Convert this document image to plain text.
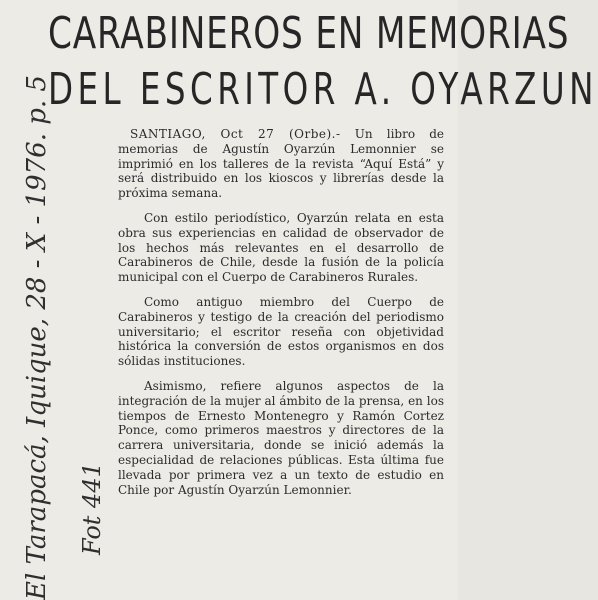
CARABINEROS EN MEMORIAS
DEL ESCRITOR A. OYARZUN
El Tarapacá, Iquique, 28 - X - 1976. p. 5	Fot 441

SANTIAGO, Oct 27 (Orbe).- Un libro de memorias de Agustín Oyarzún Lemonnier se imprimió en los talleres de la revista “Aquí Está” y será distribuido en los kioscos y librerías desde la próxima semana.

Con estilo periodístico, Oyarzún relata en esta obra sus experiencias en calidad de observador de los hechos más relevantes en el desarrollo de Carabineros de Chile, desde la fusión de la policía municipal con el Cuerpo de Carabineros Rurales.

Como antiguo miembro del Cuerpo de Carabineros y testigo de la creación del periodismo universitario; el escritor reseña con objetividad histórica la conversión de estos organismos en dos sólidas instituciones.

Asimismo, refiere algunos aspectos de la integración de la mujer al ámbito de la prensa, en los tiempos de Ernesto Montenegro y Ramón Cortez Ponce, como primeros maestros y directores de la carrera universitaria, donde se inició además la especialidad de relaciones públicas. Esta última fue llevada por primera vez a un texto de estudio en Chile por Agustín Oyarzún Lemonnier.
